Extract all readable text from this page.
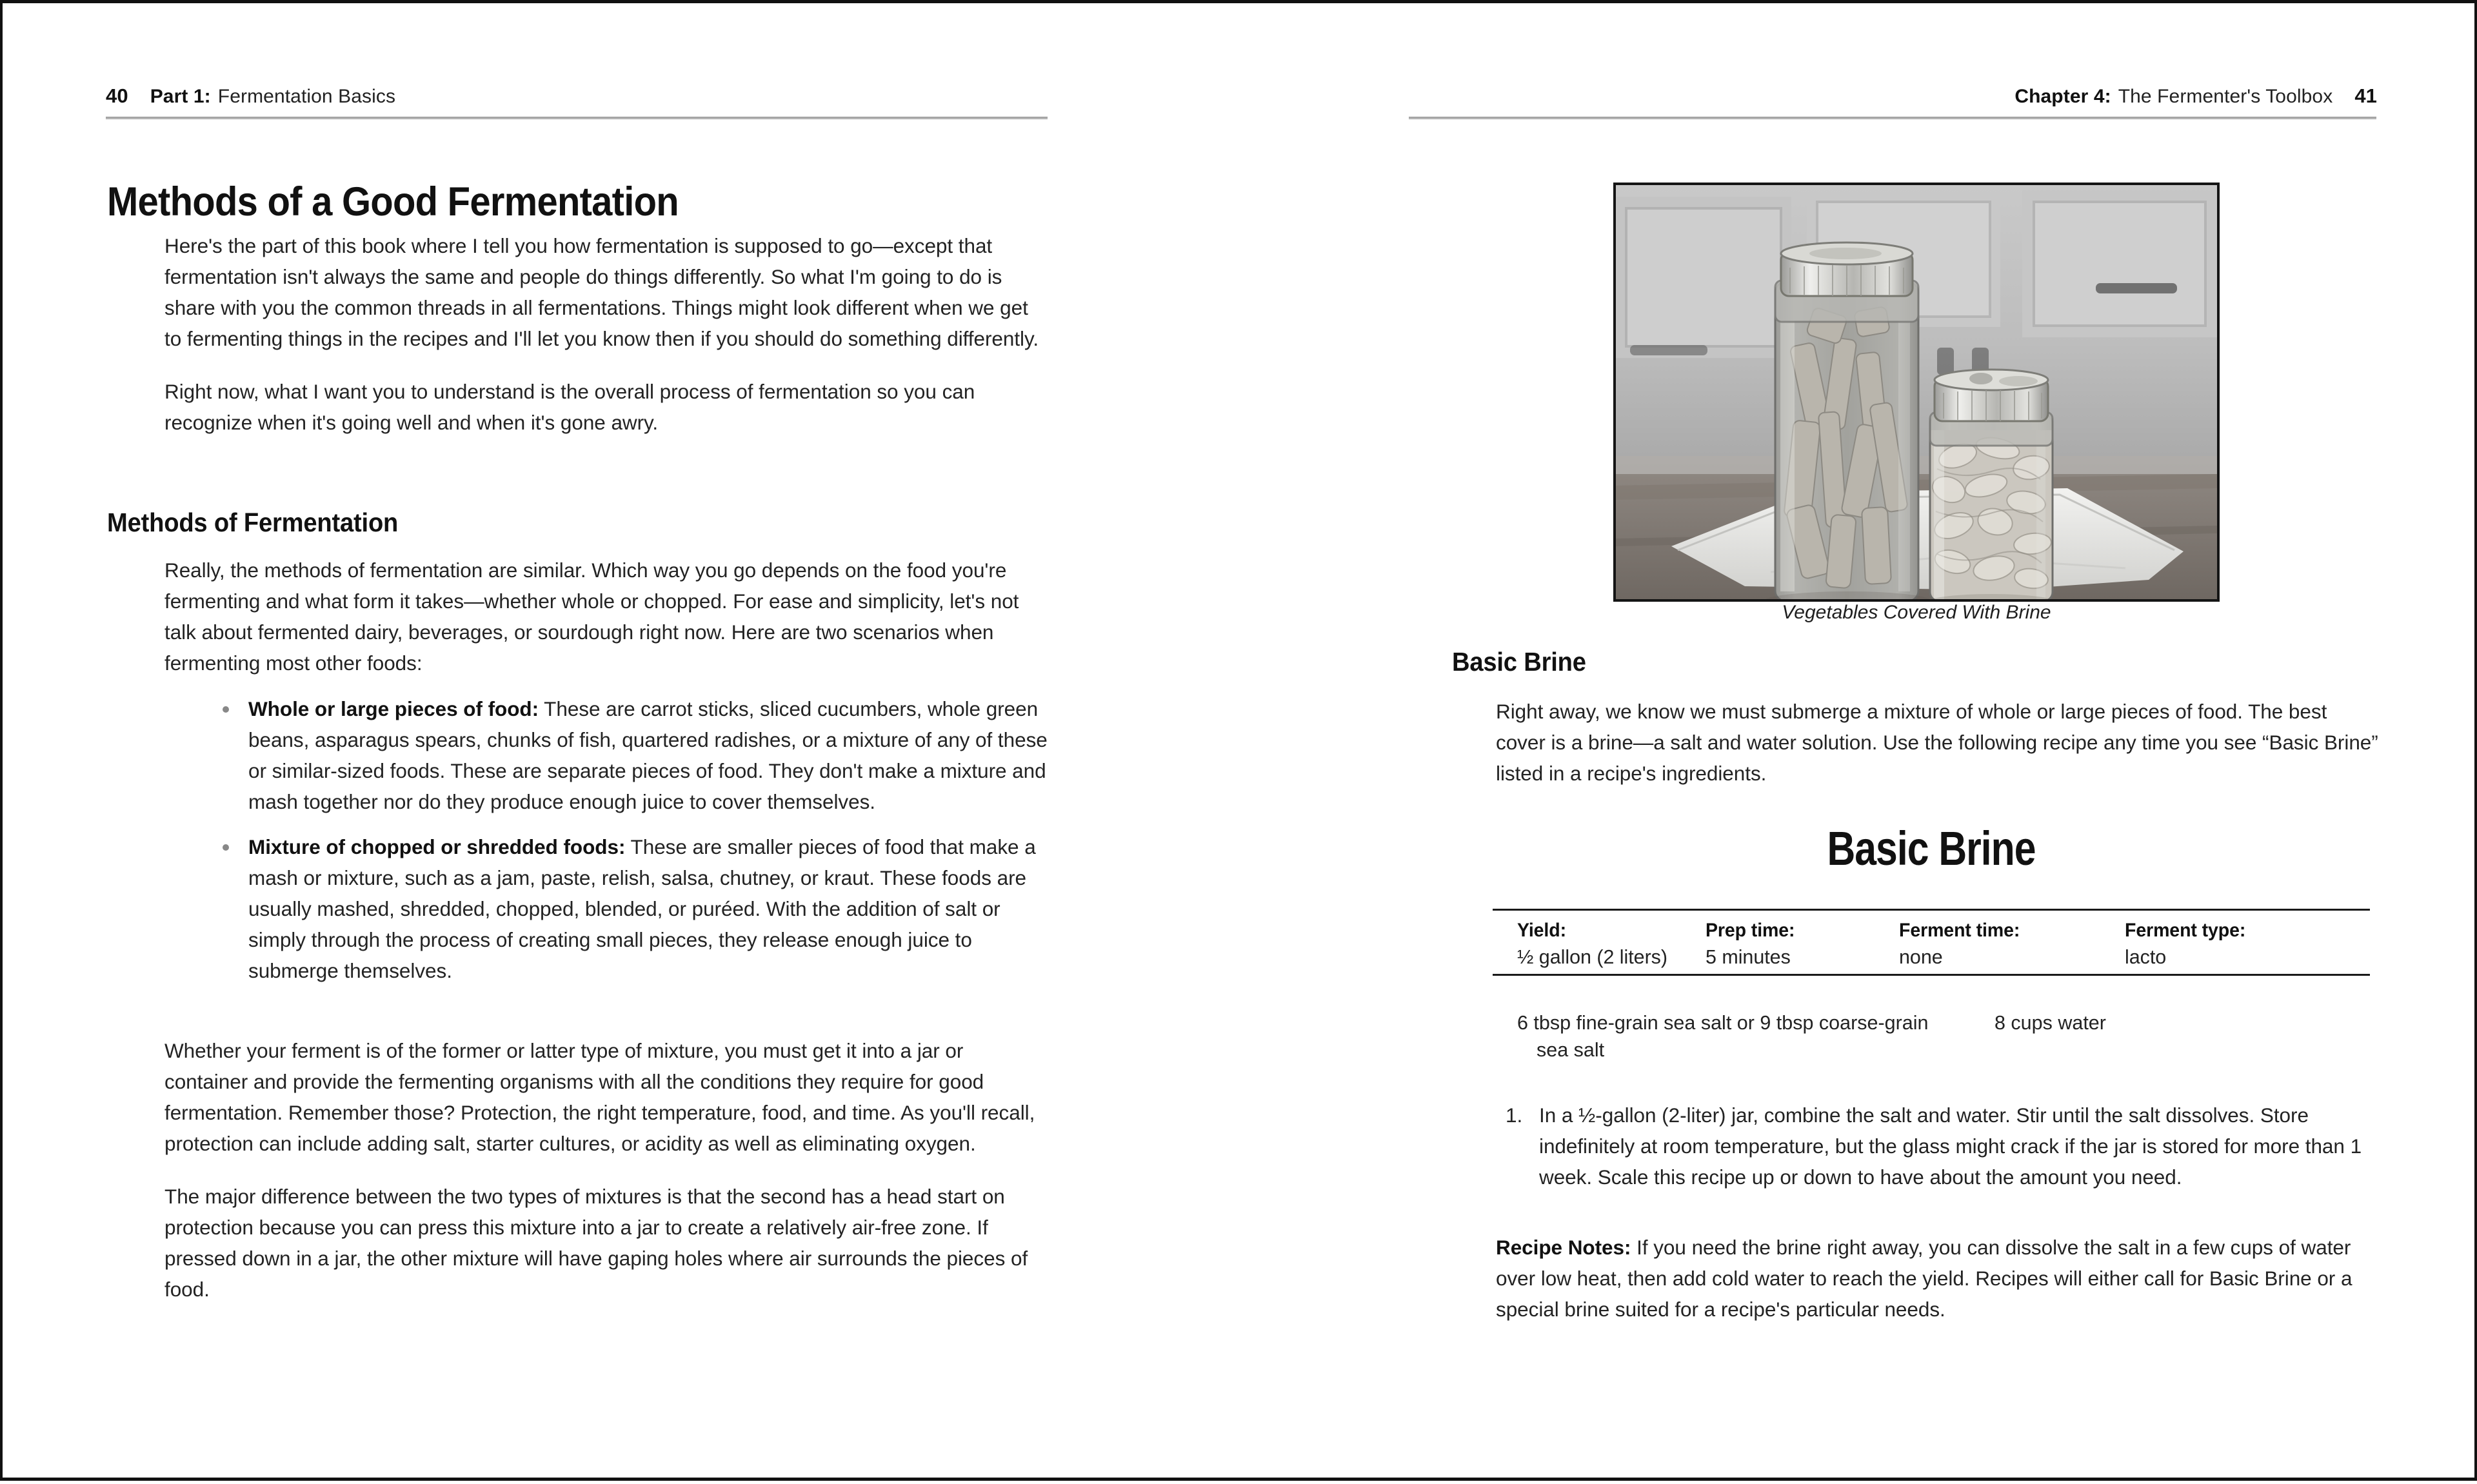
40 Part 1: Fermentation Basics
Methods of a Good Fermentation

Here's the part of this book where I tell you how fermentation is supposed to go—except that fermentation isn't always the same and people do things differently. So what I'm going to do is share with you the common threads in all fermentations. Things might look different when we get to fermenting things in the recipes and I'll let you know then if you should do something differently.

Right now, what I want you to understand is the overall process of fermentation so you can recognize when it's going well and when it's gone awry.

Methods of Fermentation

Really, the methods of fermentation are similar. Which way you go depends on the food you're fermenting and what form it takes—whether whole or chopped. For ease and simplicity, let's not talk about fermented dairy, beverages, or sourdough right now. Here are two scenarios when fermenting most other foods:

Whole or large pieces of food: These are carrot sticks, sliced cucumbers, whole green beans, asparagus spears, chunks of fish, quartered radishes, or a mixture of any of these or similar-sized foods. These are separate pieces of food. They don't make a mixture and mash together nor do they produce enough juice to cover themselves.
Mixture of chopped or shredded foods: These are smaller pieces of food that make a mash or mixture, such as a jam, paste, relish, salsa, chutney, or kraut. These foods are usually mashed, shredded, chopped, blended, or puréed. With the addition of salt or simply through the process of creating small pieces, they release enough juice to submerge themselves.

Whether your ferment is of the former or latter type of mixture, you must get it into a jar or container and provide the fermenting organisms with all the conditions they require for good fermentation. Remember those? Protection, the right temperature, food, and time. As you'll recall, protection can include adding salt, starter cultures, or acidity as well as eliminating oxygen.

The major difference between the two types of mixtures is that the second has a head start on protection because you can press this mixture into a jar to create a relatively air-free zone. If pressed down in a jar, the other mixture will have gaping holes where air surrounds the pieces of food.

Chapter 4: The Fermenter's Toolbox 41
Vegetables Covered With Brine
Basic Brine

Right away, we know we must submerge a mixture of whole or large pieces of food. The best cover is a brine—a salt and water solution. Use the following recipe any time you see “Basic Brine” listed in a recipe's ingredients.

Basic Brine
Yield:
½ gallon (2 liters)
Prep time:
5 minutes
Ferment time:
none
Ferment type:
lacto
6 tbsp fine-grain sea salt or 9 tbsp coarse-grain sea salt
8 cups water
In a ½-gallon (2-liter) jar, combine the salt and water. Stir until the salt dissolves. Store indefinitely at room temperature, but the glass might crack if the jar is stored for more than 1 week. Scale this recipe up or down to have about the amount you need.

Recipe Notes: If you need the brine right away, you can dissolve the salt in a few cups of water over low heat, then add cold water to reach the yield. Recipes will either call for Basic Brine or a special brine suited for a recipe's particular needs.
